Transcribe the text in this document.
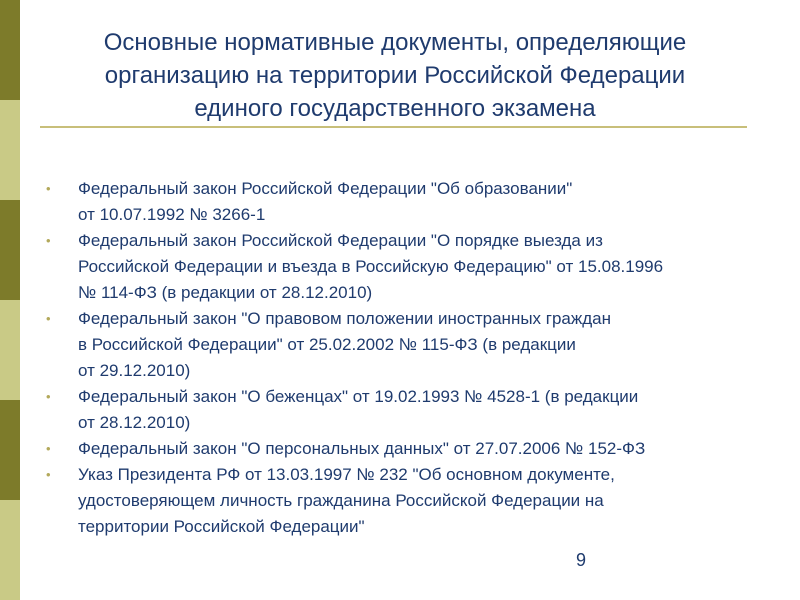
Основные нормативные документы, определяющие
организацию на территории Российской Федерации
единого государственного экзамена
• Федеральный закон Российской Федерации "Об образовании"
от 10.07.1992 № 3266-1
• Федеральный закон Российской Федерации "О порядке выезда из
Российской Федерации и въезда в Российскую Федерацию" от 15.08.1996
№ 114-ФЗ (в редакции от 28.12.2010)
• Федеральный закон "О правовом положении иностранных граждан
в Российской Федерации" от 25.02.2002 № 115-ФЗ (в редакции
от 29.12.2010)
• Федеральный закон "О беженцах" от 19.02.1993 № 4528-1 (в редакции
от 28.12.2010)
• Федеральный закон "О персональных данных" от 27.07.2006 № 152-ФЗ
• Указ Президента РФ от 13.03.1997 № 232 "Об основном документе,
удостоверяющем личность гражданина Российской Федерации на
территории Российской Федерации"
9
